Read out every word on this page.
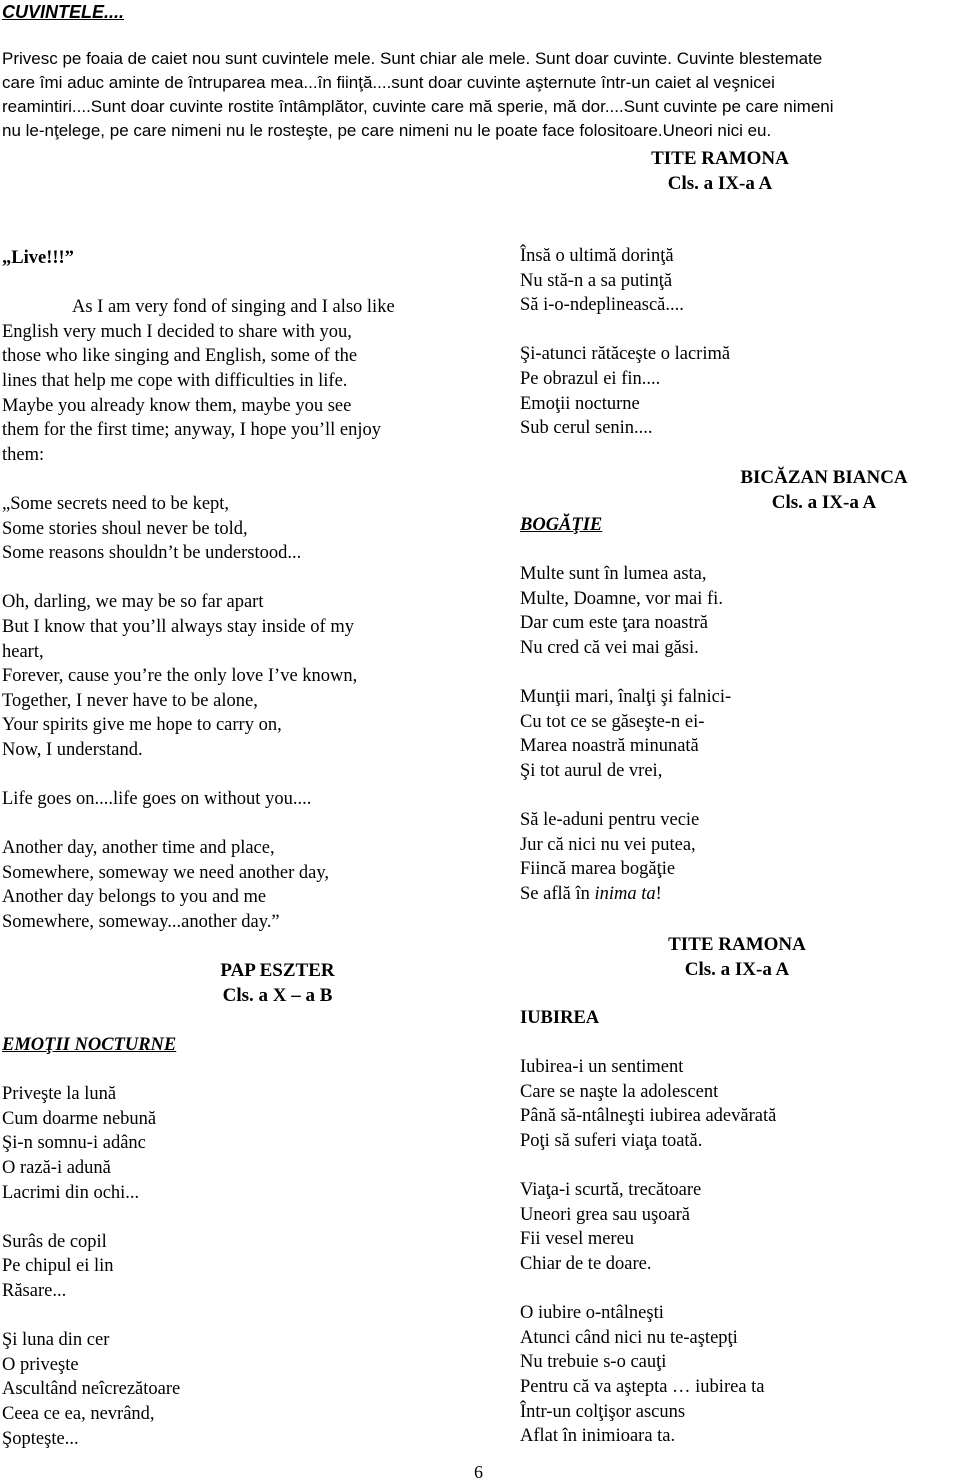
CUVINTELE....
Privesc pe foaia de caiet nou sunt cuvintele mele. Sunt chiar ale mele. Sunt doar cuvinte. Cuvinte blestemate
care îmi aduc aminte de întruparea mea...în fiinţă....sunt doar cuvinte aşternute într-un caiet al veşnicei
reamintiri....Sunt doar cuvinte rostite întâmplător, cuvinte care mă sperie, mă dor....Sunt cuvinte pe care nimeni
nu le-nţelege, pe care nimeni nu le rosteşte, pe care nimeni nu le poate face folositoare.Uneori nici eu.
TITE RAMONA
Cls. a IX-a A
„Live!!!”
As I am very fond of singing and I also like
English very much I decided to share with you,
those who like singing and English, some of the
lines that help me cope with difficulties in life.
Maybe you already know them, maybe you see
them for the first time; anyway, I hope you’ll enjoy
them:
„Some secrets need to be kept,
Some stories shoul never be told,
Some reasons shouldn’t be understood...
Oh, darling, we may be so far apart
But I know that you’ll always stay inside of my
heart,
Forever, cause you’re the only love I’ve known,
Together, I never have to be alone,
Your spirits give me hope to carry on,
Now, I understand.
Life goes on....life goes on without you....
Another day, another time and place,
Somewhere, someway we need another day,
Another day belongs to you and me
Somewhere, someway...another day.”
PAP ESZTER
Cls. a X – a B
EMOŢII NOCTURNE
Priveşte la lună
Cum doarme nebună
Şi-n somnu-i adânc
O rază-i adună
Lacrimi din ochi...
Surâs de copil
Pe chipul ei lin
Răsare...
Şi luna din cer
O priveşte
Ascultând neîcrezătoare
Ceea ce ea, nevrând,
Şopteşte...
Însă o ultimă dorinţă
Nu stă-n a sa putinţă
Să i-o-ndeplinească....
Şi-atunci rătăceşte o lacrimă
Pe obrazul ei fin....
Emoţii nocturne
Sub cerul senin....
BICĂZAN BIANCA
Cls. a IX-a A
BOGĂŢIE
Multe sunt în lumea asta,
Multe, Doamne, vor mai fi.
Dar cum este ţara noastră
Nu cred că vei mai găsi.
Munţii mari, înalţi şi falnici-
Cu tot ce se găseşte-n ei-
Marea noastră minunată
Şi tot aurul de vrei,
Să le-aduni pentru vecie
Jur că nici nu vei putea,
Fiincă marea bogăţie
Se află în inima ta!
TITE RAMONA
Cls. a IX-a A
IUBIREA
Iubirea-i un sentiment
Care se naşte la adolescent
Până să-ntâlneşti iubirea adevărată
Poţi să suferi viaţa toată.
Viaţa-i scurtă, trecătoare
Uneori grea sau uşoară
Fii vesel mereu
Chiar de te doare.
O iubire o-ntâlneşti
Atunci când nici nu te-aştepţi
Nu trebuie s-o cauţi
Pentru că va aştepta … iubirea ta
Într-un colţişor ascuns
Aflat în inimioara ta.
6
